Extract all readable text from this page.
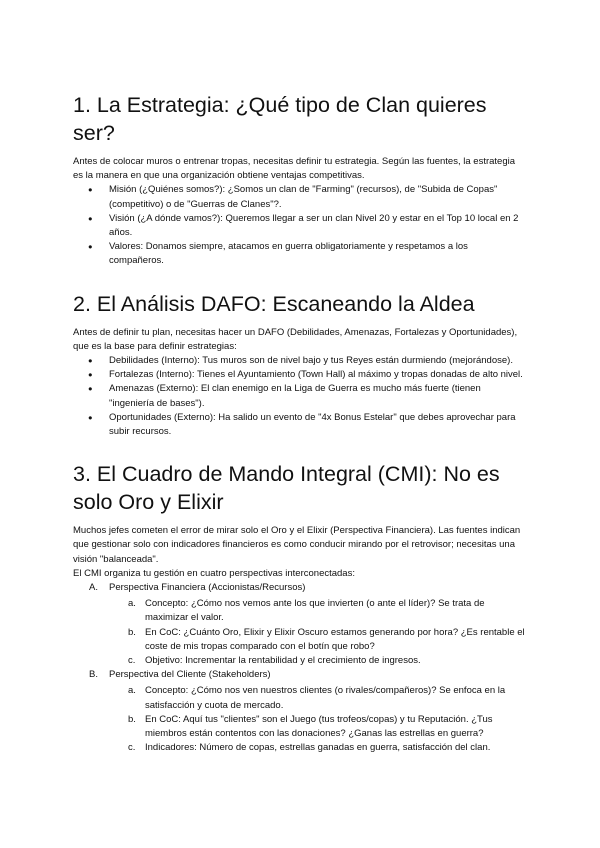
1. La Estrategia: ¿Qué tipo de Clan quieres ser?

Antes de colocar muros o entrenar tropas, necesitas definir tu estrategia. Según las fuentes, la estrategia es la manera en que una organización obtiene ventajas competitivas.

● Misión (¿Quiénes somos?): ¿Somos un clan de "Farming" (recursos), de "Subida de Copas" (competitivo) o de "Guerras de Clanes"?.
● Visión (¿A dónde vamos?): Queremos llegar a ser un clan Nivel 20 y estar en el Top 10 local en 2 años.
● Valores: Donamos siempre, atacamos en guerra obligatoriamente y respetamos a los compañeros.
2. El Análisis DAFO: Escaneando la Aldea

Antes de definir tu plan, necesitas hacer un DAFO (Debilidades, Amenazas, Fortalezas y Oportunidades), que es la base para definir estrategias:

● Debilidades (Interno): Tus muros son de nivel bajo y tus Reyes están durmiendo (mejorándose).
● Fortalezas (Interno): Tienes el Ayuntamiento (Town Hall) al máximo y tropas donadas de alto nivel.
● Amenazas (Externo): El clan enemigo en la Liga de Guerra es mucho más fuerte (tienen "ingeniería de bases").
● Oportunidades (Externo): Ha salido un evento de "4x Bonus Estelar" que debes aprovechar para subir recursos.
3. El Cuadro de Mando Integral (CMI): No es solo Oro y Elixir

Muchos jefes cometen el error de mirar solo el Oro y el Elixir (Perspectiva Financiera). Las fuentes indican que gestionar solo con indicadores financieros es como conducir mirando por el retrovisor; necesitas una visión "balanceada".

El CMI organiza tu gestión en cuatro perspectivas interconectadas:

A.	Perspectiva Financiera (Accionistas/Recursos)
a. Concepto: ¿Cómo nos vemos ante los que invierten (o ante el líder)? Se trata de maximizar el valor.
b. En CoC: ¿Cuánto Oro, Elixir y Elixir Oscuro estamos generando por hora? ¿Es rentable el coste de mis tropas comparado con el botín que robo?
c.	Objetivo: Incrementar la rentabilidad y el crecimiento de ingresos.
B.	Perspectiva del Cliente (Stakeholders)
a. Concepto: ¿Cómo nos ven nuestros clientes (o rivales/compañeros)? Se enfoca en la satisfacción y cuota de mercado.
b. En CoC: Aquí tus "clientes" son el Juego (tus trofeos/copas) y tu Reputación. ¿Tus miembros están contentos con las donaciones? ¿Ganas las estrellas en guerra?
c.	Indicadores: Número de copas, estrellas ganadas en guerra, satisfacción del clan.
